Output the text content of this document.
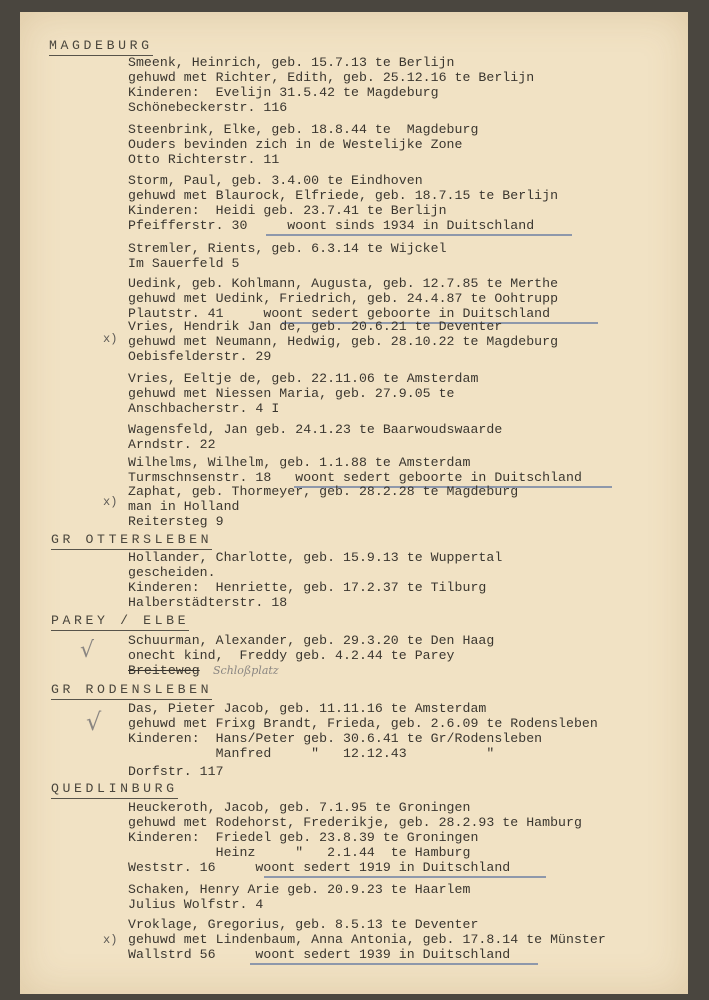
MAGDEBURG
Smeenk, Heinrich, geb. 15.7.13 te Berlijn
gehuwd met Richter, Edith, geb. 25.12.16 te Berlijn
Kinderen:  Evelijn 31.5.42 te Magdeburg
Schönebeckerstr. 116
Steenbrink, Elke, geb. 18.8.44 te  Magdeburg
Ouders bevinden zich in de Westelijke Zone
Otto Richterstr. 11
Storm, Paul, geb. 3.4.00 te Eindhoven
gehuwd met Blaurock, Elfriede, geb. 18.7.15 te Berlijn
Kinderen:  Heidi geb. 23.7.41 te Berlijn
Pfeifferstr. 30     woont sinds 1934 in Duitschland
Stremler, Rients, geb. 6.3.14 te Wijckel
Im Sauerfeld 5
Uedink, geb. Kohlmann, Augusta, geb. 12.7.85 te Merthe
gehuwd met Uedink, Friedrich, geb. 24.4.87 te Oohtrupp
Plautstr. 41     woont sedert geboorte in Duitschland
x)
Vries, Hendrik Jan de, geb. 20.6.21 te Deventer
gehuwd met Neumann, Hedwig, geb. 28.10.22 te Magdeburg
Oebisfelderstr. 29
Vries, Eeltje de, geb. 22.11.06 te Amsterdam
gehuwd met Niessen Maria, geb. 27.9.05 te
Anschbacherstr. 4 I
Wagensfeld, Jan geb. 24.1.23 te Baarwoudswaarde
Arndstr. 22
Wilhelms, Wilhelm, geb. 1.1.88 te Amsterdam
Turmschnsenstr. 18   woont sedert geboorte in Duitschland
x)
Zaphat, geb. Thormeyer, geb. 28.2.28 te Magdeburg
man in Holland
Reitersteg 9
GR OTTERSLEBEN
Hollander, Charlotte, geb. 15.9.13 te Wuppertal
gescheiden.
Kinderen:  Henriette, geb. 17.2.37 te Tilburg
Halberstädterstr. 18
PAREY / ELBE
√	Schuurman, Alexander, geb. 29.3.20 te Den Haag
onecht kind,  Freddy geb. 4.2.44 te Parey
Breiteweg Schloßplatz
GR RODENSLEBEN
√ Das, Pieter Jacob, geb. 11.11.16 te Amsterdam
gehuwd met Frixg Brandt, Frieda, geb. 2.6.09 te Rodensleben
Kinderen:  Hans/Peter geb. 30.6.41 te Gr/Rodensleben
Manfred     "   12.12.43          "
Dorfstr. 117
QUEDLINBURG
Heuckeroth, Jacob, geb. 7.1.95 te Groningen
gehuwd met Rodehorst, Frederikje, geb. 28.2.93 te Hamburg
Kinderen:  Friedel geb. 23.8.39 te Groningen
Heinz     "   2.1.44  te Hamburg
Weststr. 16     woont sedert 1919 in Duitschland
Schaken, Henry Arie geb. 20.9.23 te Haarlem
Julius Wolfstr. 4
x)
Vroklage, Gregorius, geb. 8.5.13 te Deventer
gehuwd met Lindenbaum, Anna Antonia, geb. 17.8.14 te Münster
Wallstrd 56     woont sedert 1939 in Duitschland
